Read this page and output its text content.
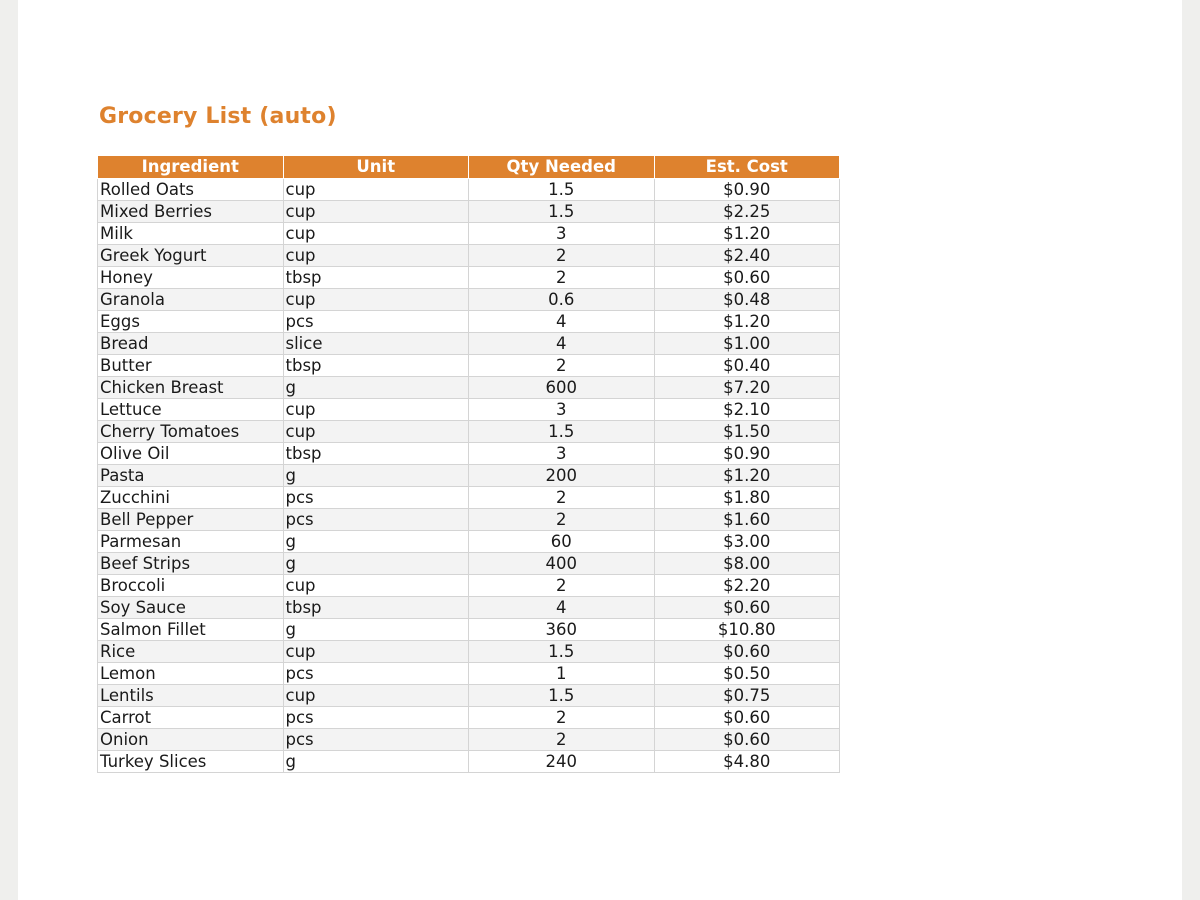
Grocery List (auto)
Ingredient	Unit	Qty Needed	Est. Cost
Rolled Oats	cup	1.5	$0.90
Mixed Berries	cup	1.5	$2.25
Milk	cup	3	$1.20
Greek Yogurt	cup	2	$2.40
Honey	tbsp	2	$0.60
Granola	cup	0.6	$0.48
Eggs	pcs	4	$1.20
Bread	slice	4	$1.00
Butter	tbsp	2	$0.40
Chicken Breast	g	600	$7.20
Lettuce	cup	3	$2.10
Cherry Tomatoes	cup	1.5	$1.50
Olive Oil	tbsp	3	$0.90
Pasta	g	200	$1.20
Zucchini	pcs	2	$1.80
Bell Pepper	pcs	2	$1.60
Parmesan	g	60	$3.00
Beef Strips	g	400	$8.00
Broccoli	cup	2	$2.20
Soy Sauce	tbsp	4	$0.60
Salmon Fillet	g	360	$10.80
Rice	cup	1.5	$0.60
Lemon	pcs	1	$0.50
Lentils	cup	1.5	$0.75
Carrot	pcs	2	$0.60
Onion	pcs	2	$0.60
Turkey Slices	g	240	$4.80
